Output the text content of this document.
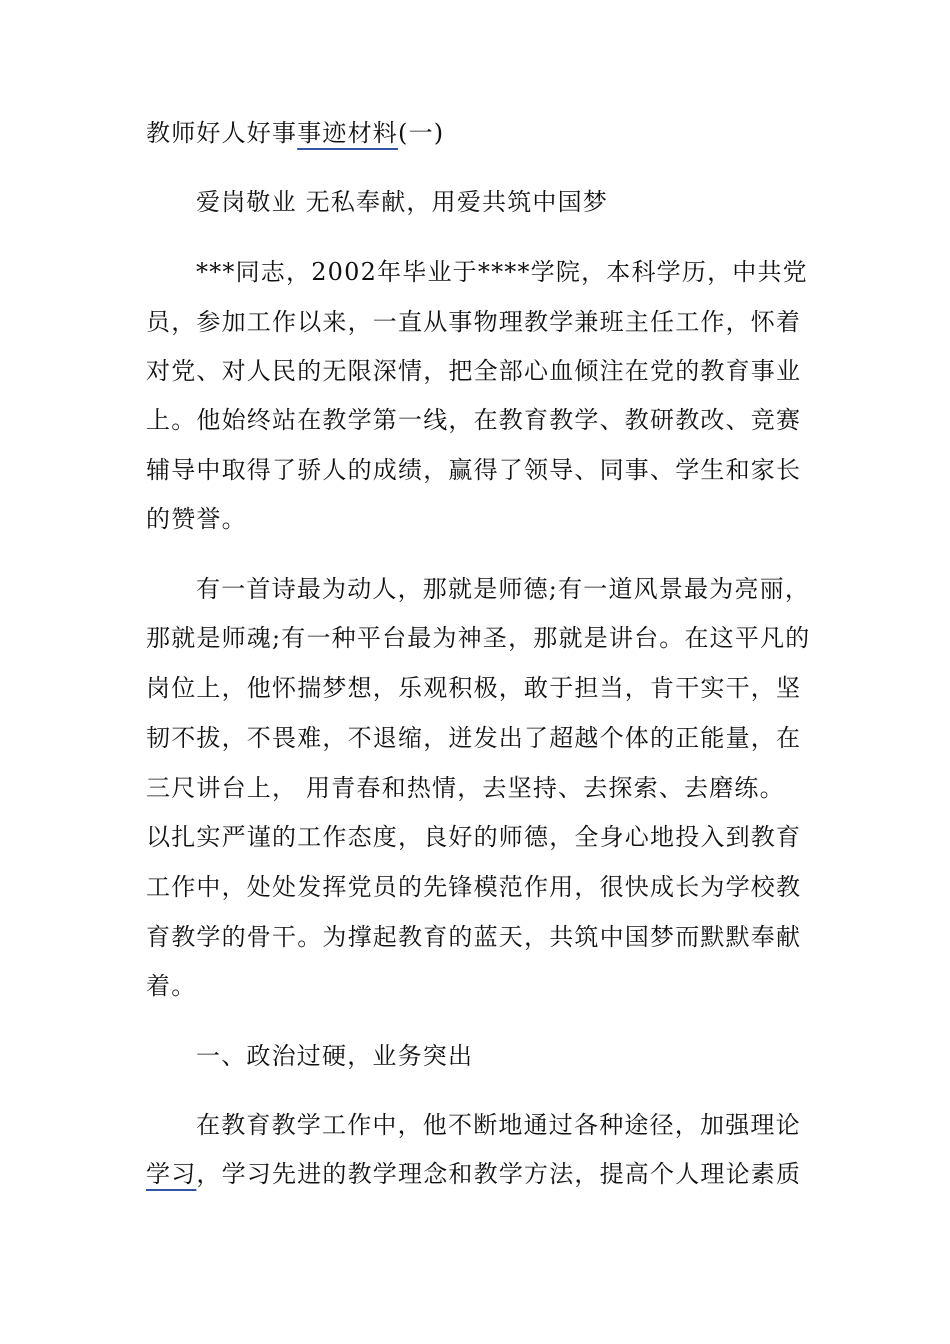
教师好人好事事迹材料(一)
爱岗敬业 无私奉献，用爱共筑中国梦
***同志，2002年毕业于****学院，本科学历，中共党
员，参加工作以来，一直从事物理教学兼班主任工作，怀着
对党、对人民的无限深情，把全部心血倾注在党的教育事业
上。他始终站在教学第一线，在教育教学、教研教改、竞赛
辅导中取得了骄人的成绩，赢得了领导、同事、学生和家长
的赞誉。
有一首诗最为动人，那就是师德;有一道风景最为亮丽，
那就是师魂;有一种平台最为神圣，那就是讲台。在这平凡的
岗位上，他怀揣梦想，乐观积极，敢于担当，肯干实干，坚
韧不拔，不畏难，不退缩，迸发出了超越个体的正能量，在
三尺讲台上， 用青春和热情，去坚持、去探索、去磨练。
以扎实严谨的工作态度，良好的师德，全身心地投入到教育
工作中，处处发挥党员的先锋模范作用，很快成长为学校教
育教学的骨干。为撑起教育的蓝天，共筑中国梦而默默奉献
着。
一、政治过硬，业务突出
在教育教学工作中，他不断地通过各种途径，加强理论
学习，学习先进的教学理念和教学方法，提高个人理论素质
